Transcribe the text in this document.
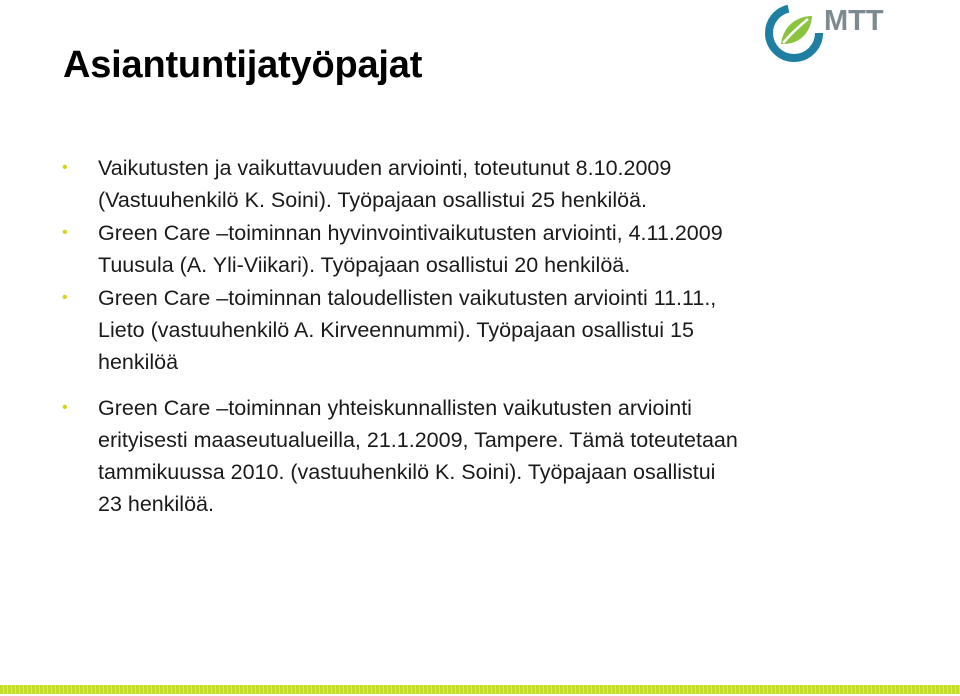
Asiantuntijatyöpajat
MTT
• Vaikutusten ja vaikuttavuuden arviointi, toteutunut 8.10.2009
(Vastuuhenkilö K. Soini). Työpajaan osallistui 25 henkilöä.
• Green Care –toiminnan hyvinvointivaikutusten arviointi, 4.11.2009
Tuusula (A. Yli-Viikari). Työpajaan osallistui 20 henkilöä.
• Green Care –toiminnan taloudellisten vaikutusten arviointi 11.11.,
Lieto (vastuuhenkilö A. Kirveennummi). Työpajaan osallistui 15
henkilöä
• Green Care –toiminnan yhteiskunnallisten vaikutusten arviointi
erityisesti maaseutualueilla, 21.1.2009, Tampere. Tämä toteutetaan
tammikuussa 2010. (vastuuhenkilö K. Soini). Työpajaan osallistui
23 henkilöä.
